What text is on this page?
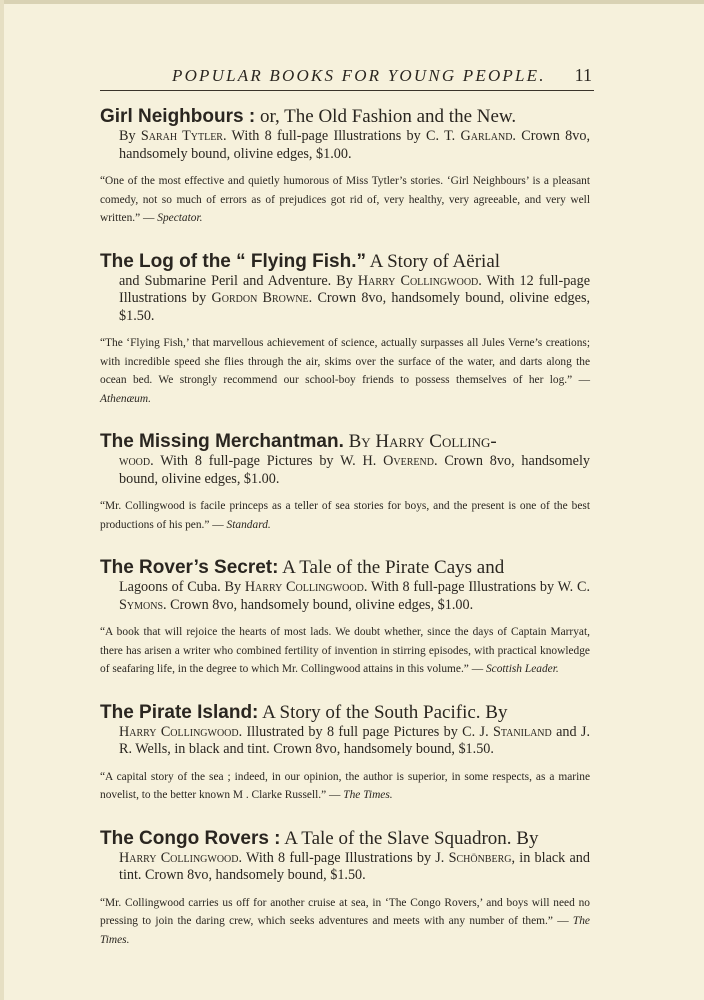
POPULAR BOOKS FOR YOUNG PEOPLE. 11
Girl Neighbours : or, The Old Fashion and the New.
By Sarah Tytler. With 8 full-page Illustrations by C. T. Garland. Crown 8vo, handsomely bound, olivine edges, $1.00.
“One of the most effective and quietly humorous of Miss Tytler’s stories. ‘Girl Neighbours’ is a pleasant comedy, not so much of errors as of prejudices got rid of, very healthy, very agreeable, and very well written.” — Spectator.
The Log of the “ Flying Fish.” A Story of Aërial
and Submarine Peril and Adventure. By Harry Collingwood. With 12 full-page Illustrations by Gordon Browne. Crown 8vo, handsomely bound, olivine edges, $1.50.
“The ‘Flying Fish,’ that marvellous achievement of science, actually surpasses all Jules Verne’s creations; with incredible speed she flies through the air, skims over the surface of the water, and darts along the ocean bed. We strongly recommend our school-boy friends to possess themselves of her log.” — Athenæum.
The Missing Merchantman. By Harry Colling-
wood. With 8 full-page Pictures by W. H. Overend. Crown 8vo, handsomely bound, olivine edges, $1.00.
“Mr. Collingwood is facile princeps as a teller of sea stories for boys, and the present is one of the best productions of his pen.” — Standard.
The Rover’s Secret: A Tale of the Pirate Cays and
Lagoons of Cuba. By Harry Collingwood. With 8 full-page Illustrations by W. C. Symons. Crown 8vo, handsomely bound, olivine edges, $1.00.
“A book that will rejoice the hearts of most lads. We doubt whether, since the days of Captain Marryat, there has arisen a writer who combined fertility of invention in stirring episodes, with practical knowledge of seafaring life, in the degree to which Mr. Collingwood attains in this volume.” — Scottish Leader.
The Pirate Island: A Story of the South Pacific. By
Harry Collingwood. Illustrated by 8 full page Pictures by C. J. Staniland and J. R. Wells, in black and tint. Crown 8vo, handsomely bound, $1.50.
“A capital story of the sea ; indeed, in our opinion, the author is superior, in some respects, as a marine novelist, to the better known M . Clarke Russell.” — The Times.
The Congo Rovers : A Tale of the Slave Squadron. By
Harry Collingwood. With 8 full-page Illustrations by J. Schönberg, in black and tint. Crown 8vo, handsomely bound, $1.50.
“Mr. Collingwood carries us off for another cruise at sea, in ‘The Congo Rovers,’ and boys will need no pressing to join the daring crew, which seeks adventures and meets with any number of them.” — The Times.
